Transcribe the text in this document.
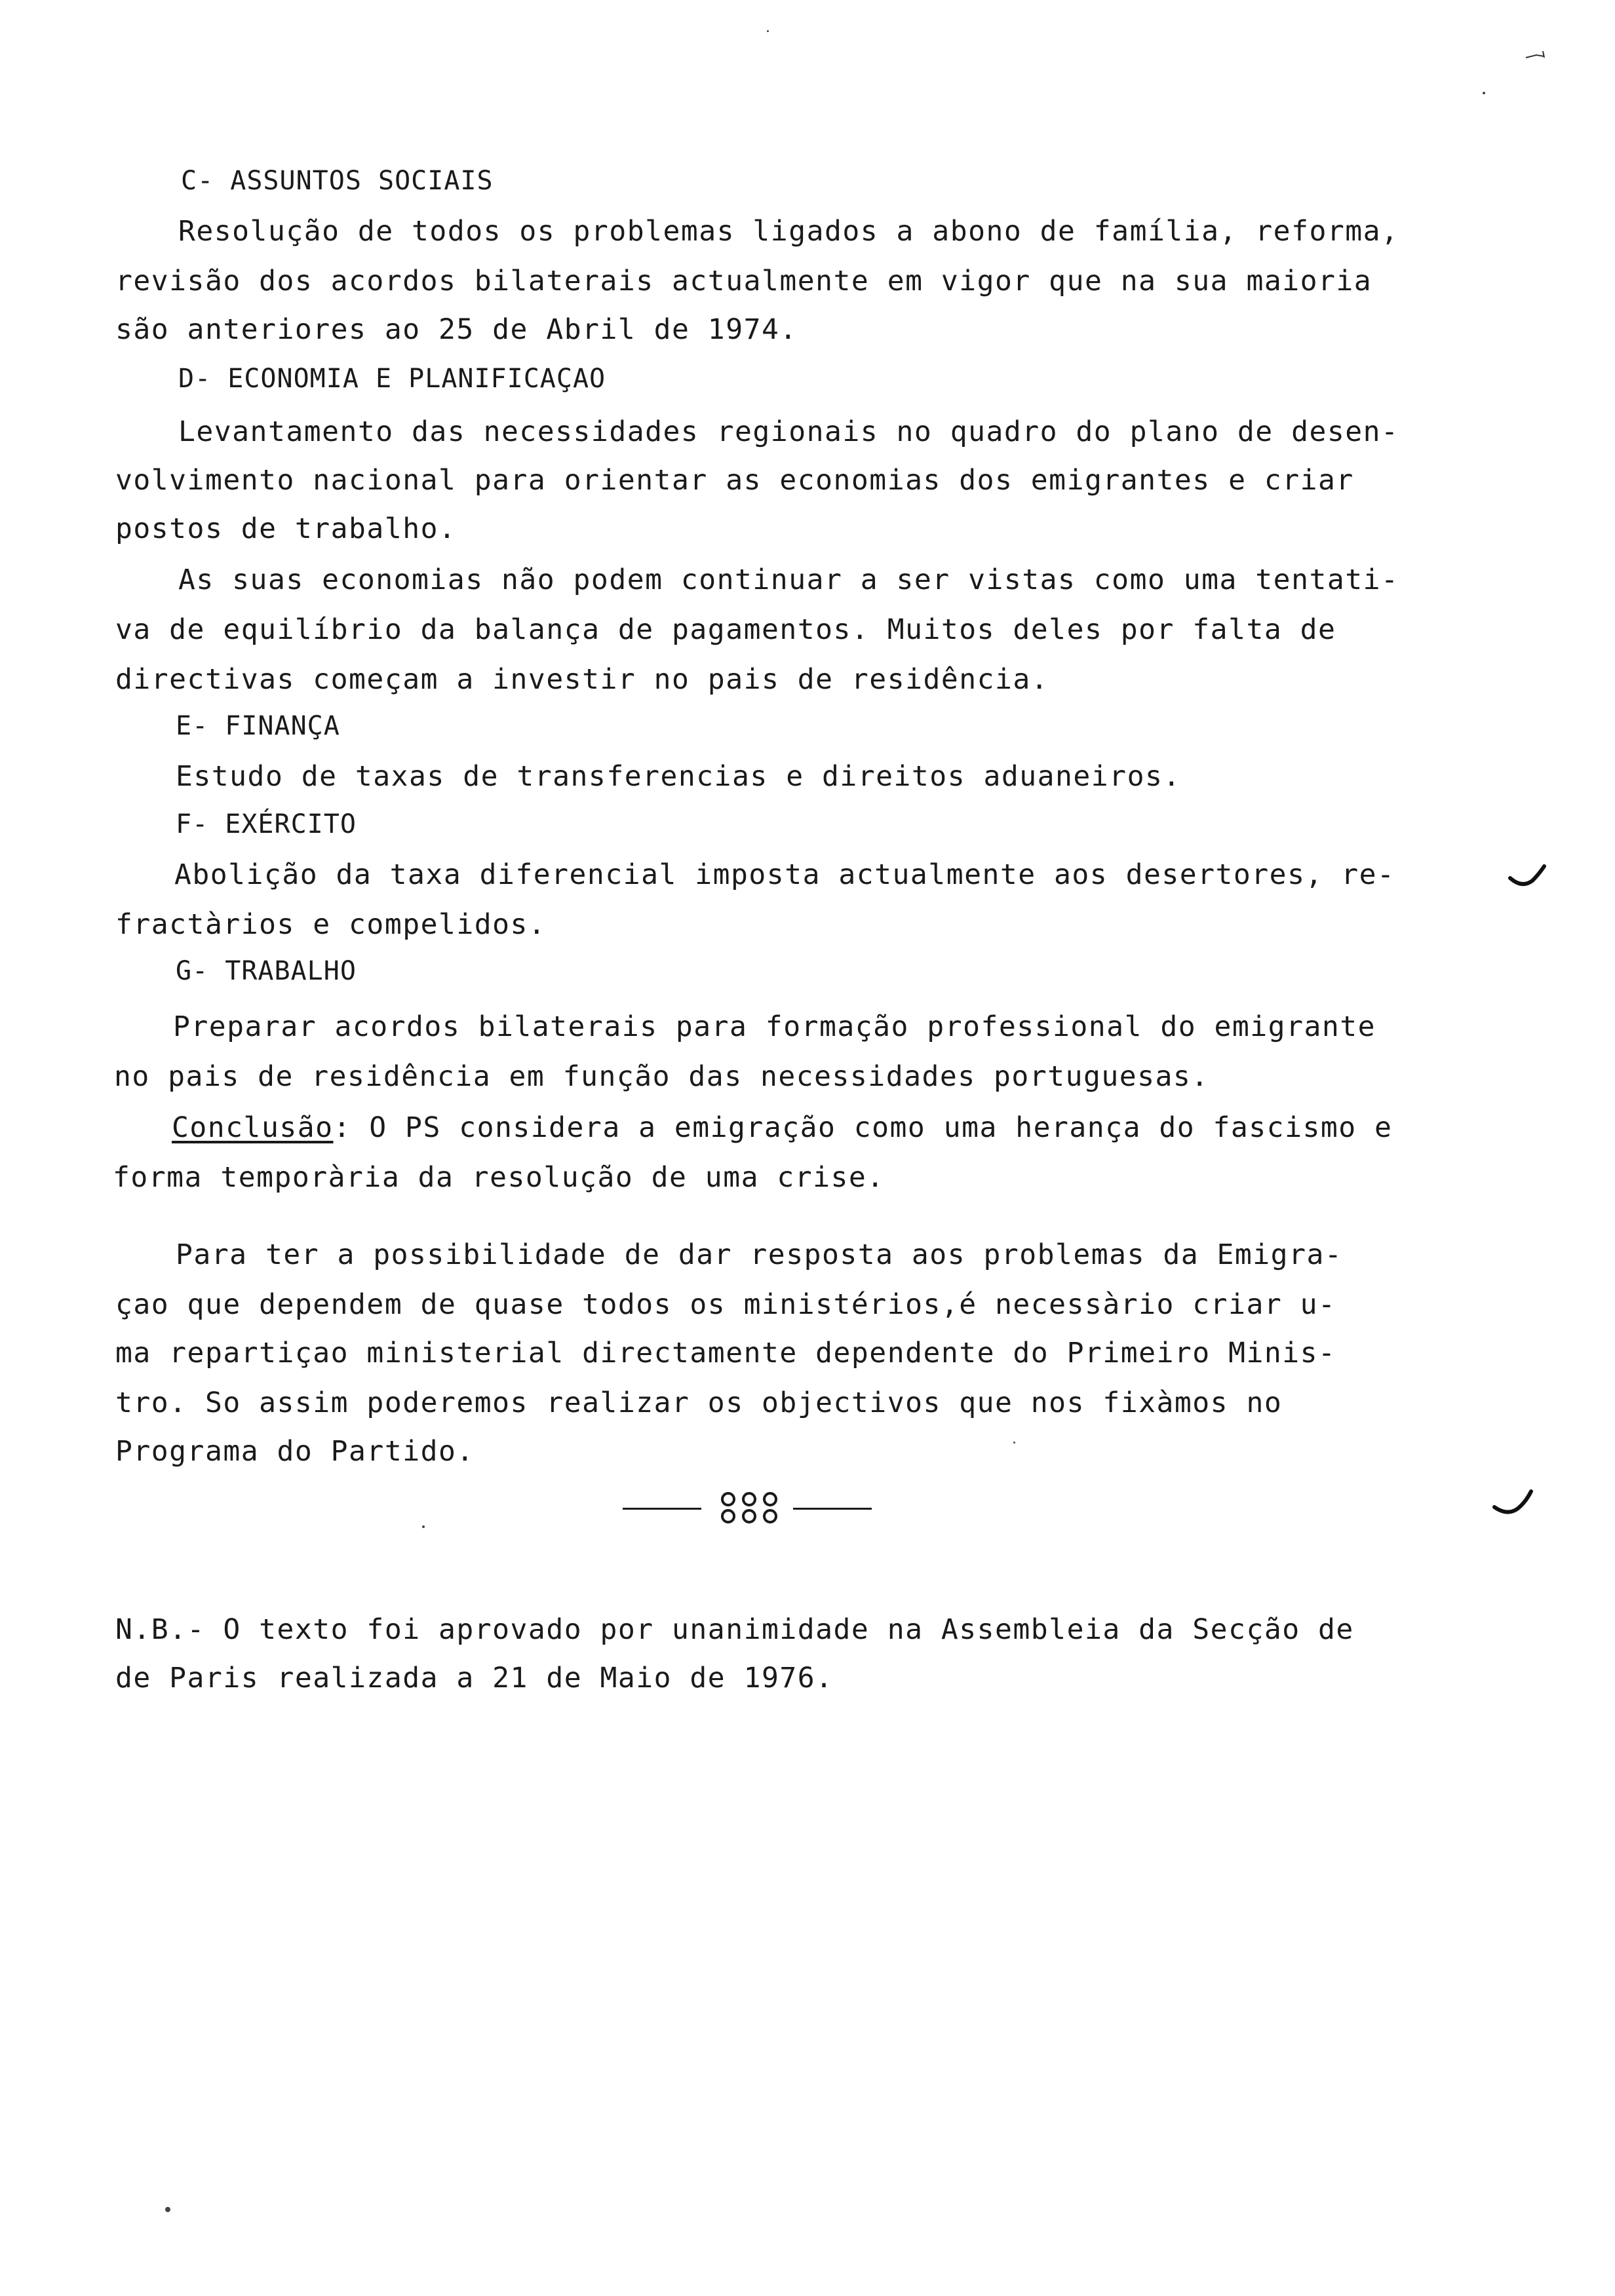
C- ASSUNTOS SOCIAIS
Resolução de todos os problemas ligados a abono de família, reforma,
revisão dos acordos bilaterais actualmente em vigor que na sua maioria
são anteriores ao 25 de Abril de 1974.
D- ECONOMIA E PLANIFICAÇAO
Levantamento das necessidades regionais no quadro do plano de desen-
volvimento nacional para orientar as economias dos emigrantes e criar
postos de trabalho.
As suas economias não podem continuar a ser vistas como uma tentati-
va de equilíbrio da balança de pagamentos. Muitos deles por falta de
directivas começam a investir no pais de residência.
E- FINANÇA
Estudo de taxas de transferencias e direitos aduaneiros.
F- EXÉRCITO
Abolição da taxa diferencial imposta actualmente aos desertores, re-
fractàrios e compelidos.
G- TRABALHO
Preparar acordos bilaterais para formação professional do emigrante
no pais de residência em função das necessidades portuguesas.
Conclusão: O PS considera a emigração como uma herança do fascismo e
forma temporària da resolução de uma crise.
Para ter a possibilidade de dar resposta aos problemas da Emigra-
çao que dependem de quase todos os ministérios,é necessàrio criar u-
ma repartiçao ministerial directamente dependente do Primeiro Minis-
tro. So assim poderemos realizar os objectivos que nos fixàmos no
Programa do Partido.
N.B.- O texto foi aprovado por unanimidade na Assembleia da Secção de
de Paris realizada a 21 de Maio de 1976.
